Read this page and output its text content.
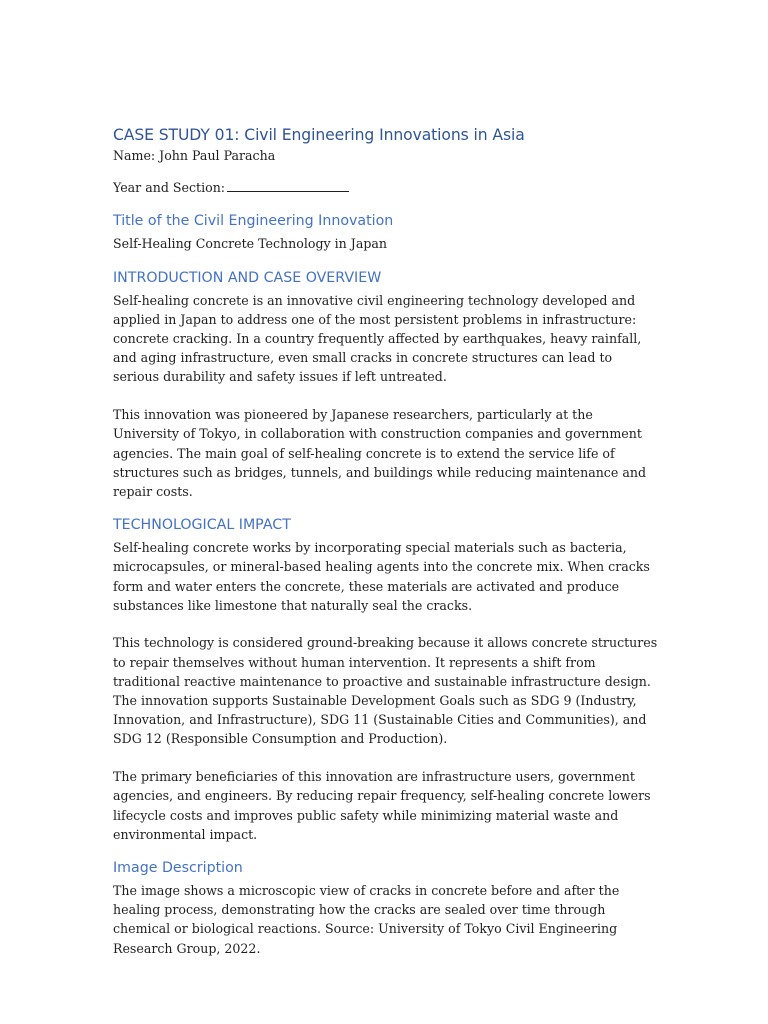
CASE STUDY 01: Civil Engineering Innovations in Asia

Name: John Paul Paracha

Year and Section:

Title of the Civil Engineering Innovation

Self-Healing Concrete Technology in Japan

INTRODUCTION AND CASE OVERVIEW

Self-healing concrete is an innovative civil engineering technology developed and applied in Japan to address one of the most persistent problems in infrastructure: concrete cracking. In a country frequently affected by earthquakes, heavy rainfall, and aging infrastructure, even small cracks in concrete structures can lead to serious durability and safety issues if left untreated.

This innovation was pioneered by Japanese researchers, particularly at the University of Tokyo, in collaboration with construction companies and government agencies. The main goal of self-healing concrete is to extend the service life of structures such as bridges, tunnels, and buildings while reducing maintenance and repair costs.

TECHNOLOGICAL IMPACT

Self-healing concrete works by incorporating special materials such as bacteria, microcapsules, or mineral-based healing agents into the concrete mix. When cracks form and water enters the concrete, these materials are activated and produce substances like limestone that naturally seal the cracks.

This technology is considered ground-breaking because it allows concrete structures to repair themselves without human intervention. It represents a shift from traditional reactive maintenance to proactive and sustainable infrastructure design. The innovation supports Sustainable Development Goals such as SDG 9 (Industry, Innovation, and Infrastructure), SDG 11 (Sustainable Cities and Communities), and SDG 12 (Responsible Consumption and Production).

The primary beneficiaries of this innovation are infrastructure users, government agencies, and engineers. By reducing repair frequency, self-healing concrete lowers lifecycle costs and improves public safety while minimizing material waste and environmental impact.

Image Description

The image shows a microscopic view of cracks in concrete before and after the healing process, demonstrating how the cracks are sealed over time through chemical or biological reactions. Source: University of Tokyo Civil Engineering Research Group, 2022.
